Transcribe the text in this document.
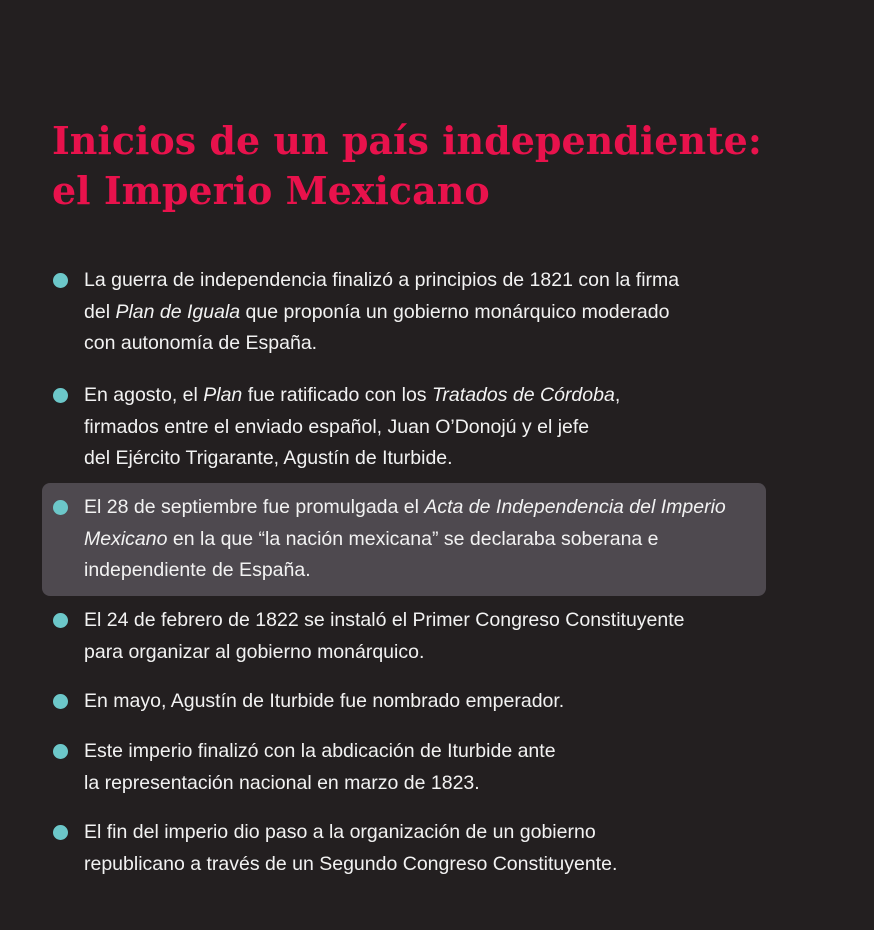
Inicios de un país independiente:
el Imperio Mexicano
La guerra de independencia finalizó a principios de 1821 con la firma
del Plan de Iguala que proponía un gobierno monárquico moderado
con autonomía de España.
En agosto, el Plan fue ratificado con los Tratados de Córdoba,
firmados entre el enviado español, Juan O’Donojú y el jefe
del Ejército Trigarante, Agustín de Iturbide.
El 28 de septiembre fue promulgada el Acta de Independencia del Imperio
Mexicano en la que “la nación mexicana” se declaraba soberana e
independiente de España.
El 24 de febrero de 1822 se instaló el Primer Congreso Constituyente
para organizar al gobierno monárquico.
En mayo, Agustín de Iturbide fue nombrado emperador.
Este imperio finalizó con la abdicación de Iturbide ante
la representación nacional en marzo de 1823.
El fin del imperio dio paso a la organización de un gobierno
republicano a través de un Segundo Congreso Constituyente.
